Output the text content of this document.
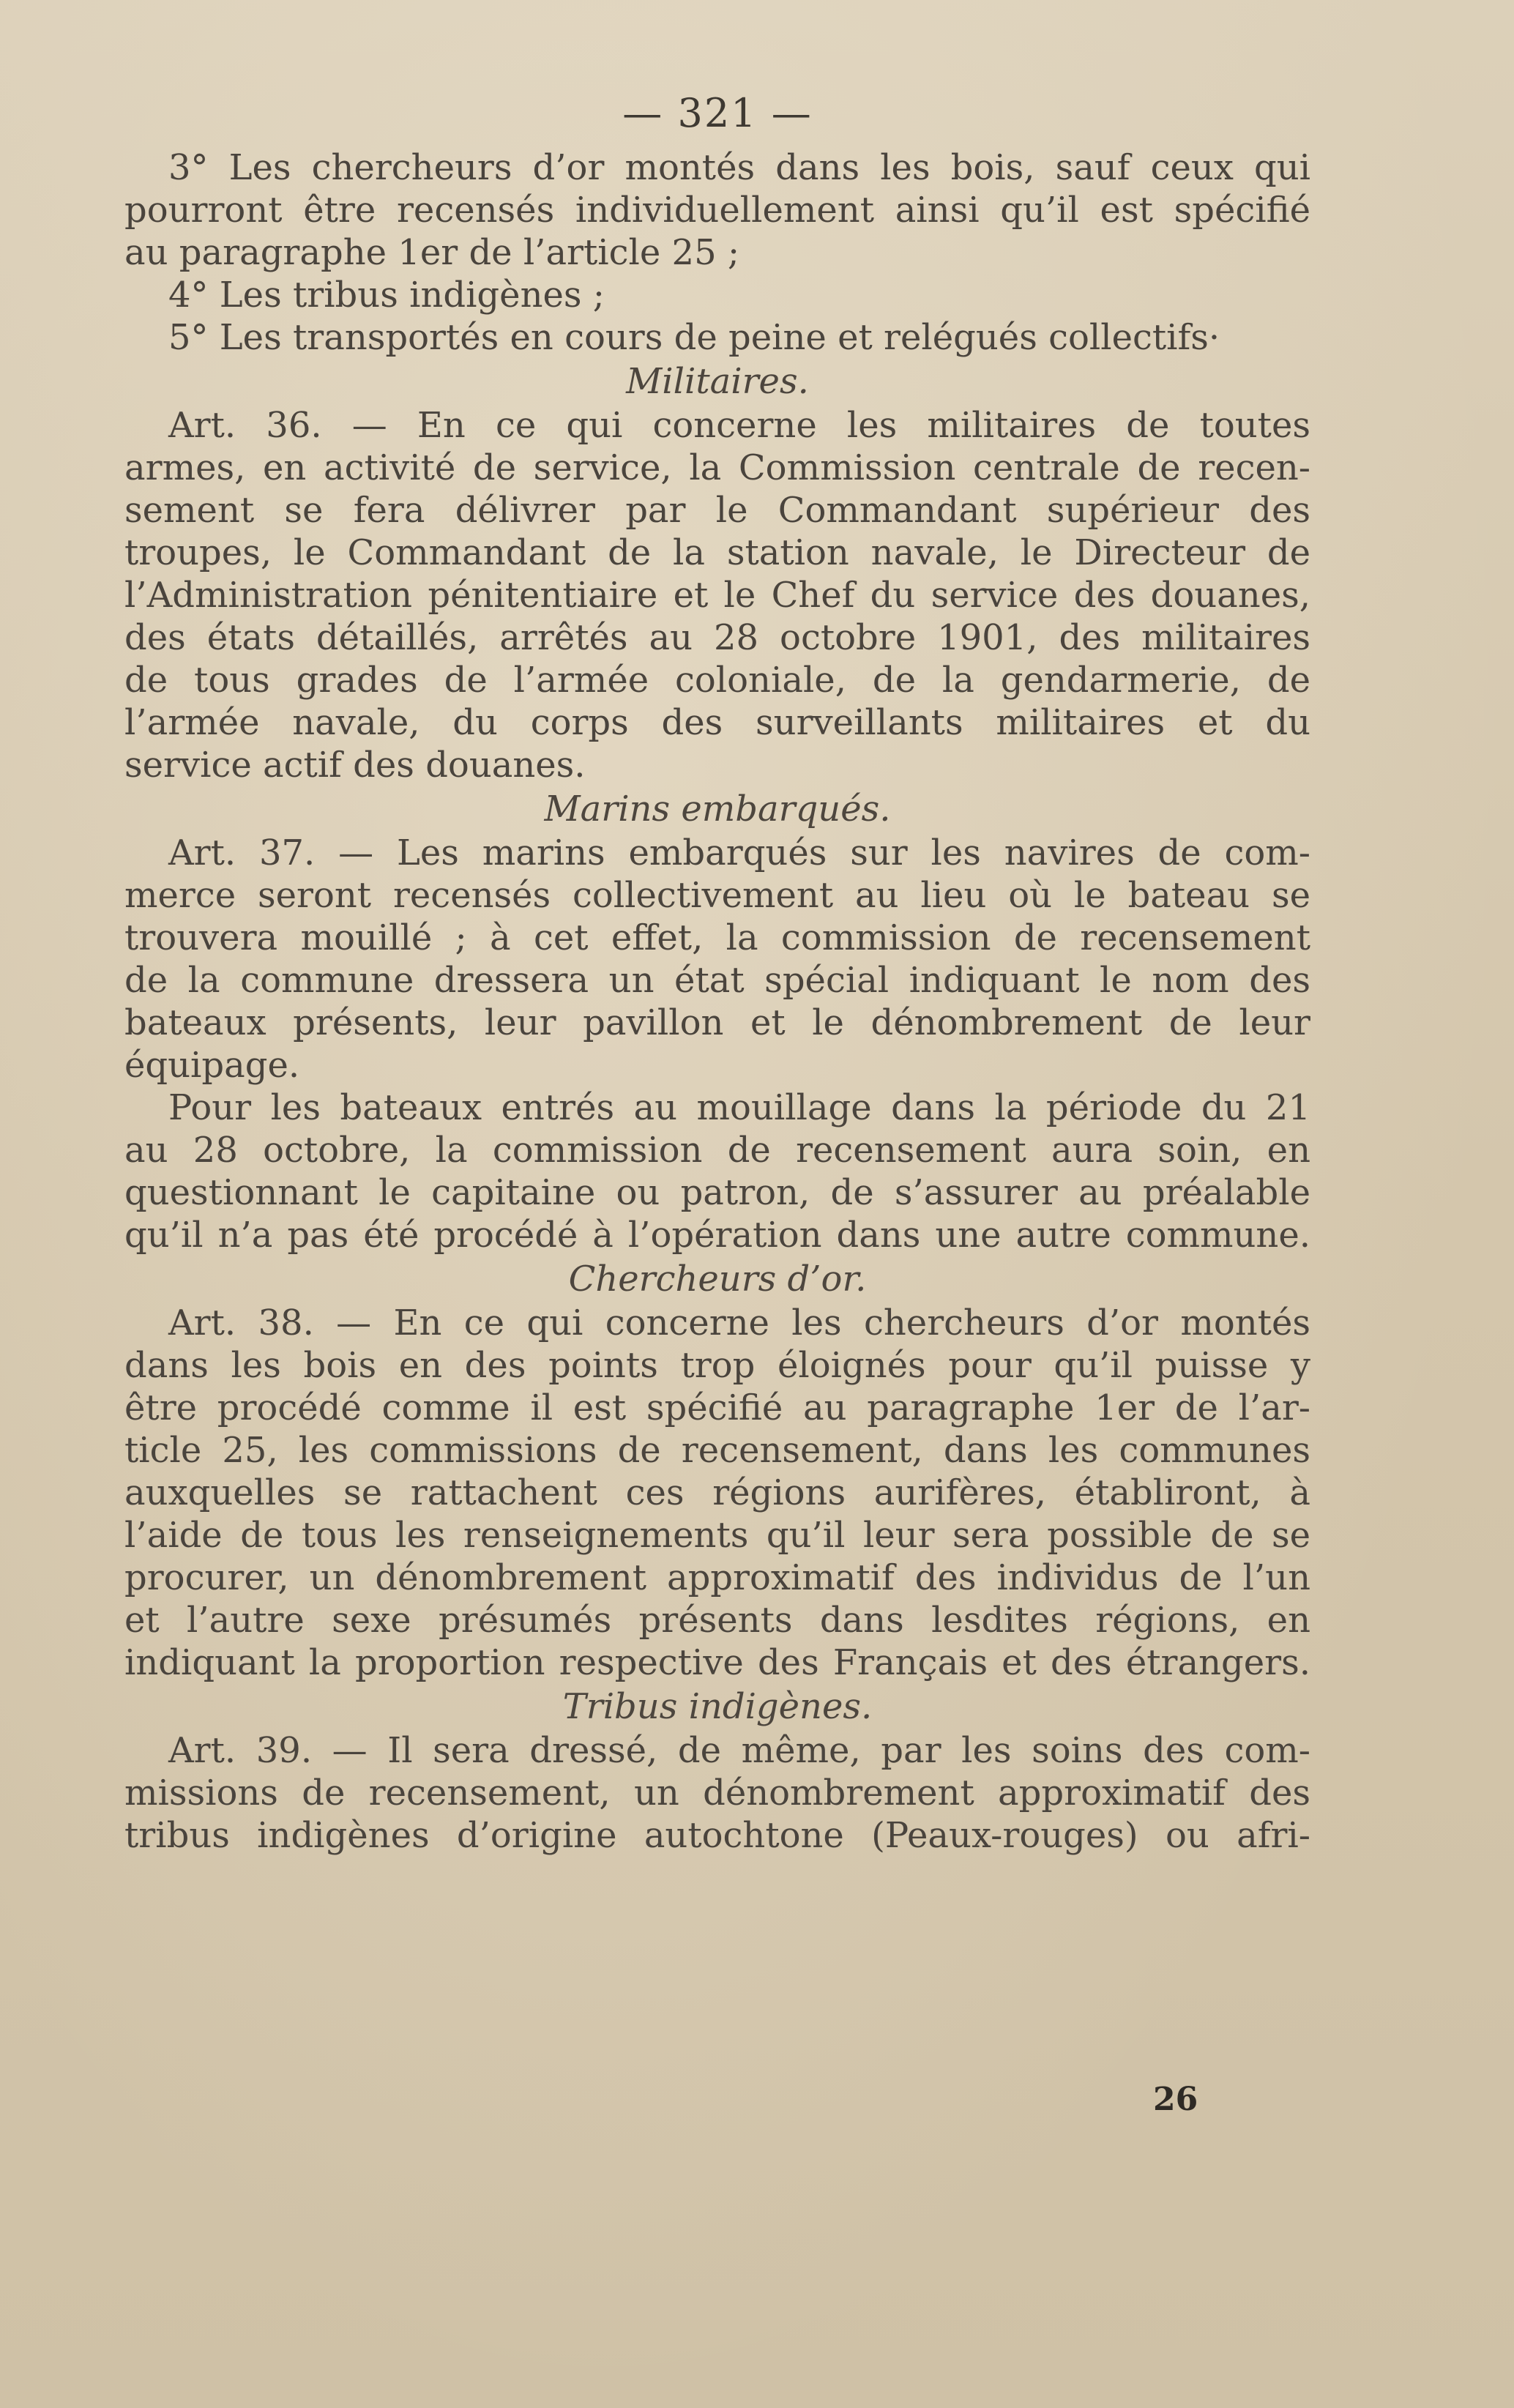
— 321 —
3° Les chercheurs d’or montés dans les bois, sauf ceux qui
pourront être recensés individuellement ainsi qu’il est spécifié
au paragraphe 1er de l’article 25 ;
4° Les tribus indigènes ;
5° Les transportés en cours de peine et relégués collectifs·
Militaires.
Art. 36. — En ce qui concerne les militaires de toutes
armes, en activité de service, la Commission centrale de recen-
sement se fera délivrer par le Commandant supérieur des
troupes, le Commandant de la station navale, le Directeur de
l’Administration pénitentiaire et le Chef du service des douanes,
des états détaillés, arrêtés au 28 octobre 1901, des militaires
de tous grades de l’armée coloniale, de la gendarmerie, de
l’armée navale, du corps des surveillants militaires et du
service actif des douanes.
Marins embarqués.
Art. 37. — Les marins embarqués sur les navires de com-
merce seront recensés collectivement au lieu où le bateau se
trouvera mouillé ; à cet effet, la commission de recensement
de la commune dressera un état spécial indiquant le nom des
bateaux présents, leur pavillon et le dénombrement de leur
équipage.
Pour les bateaux entrés au mouillage dans la période du 21
au 28 octobre, la commission de recensement aura soin, en
questionnant le capitaine ou patron, de s’assurer au préalable
qu’il n’a pas été procédé à l’opération dans une autre commune.
Chercheurs d’or.
Art. 38. — En ce qui concerne les chercheurs d’or montés
dans les bois en des points trop éloignés pour qu’il puisse y
être procédé comme il est spécifié au paragraphe 1er de l’ar-
ticle 25, les commissions de recensement, dans les communes
auxquelles se rattachent ces régions aurifères, établiront, à
l’aide de tous les renseignements qu’il leur sera possible de se
procurer, un dénombrement approximatif des individus de l’un
et l’autre sexe présumés présents dans lesdites régions, en
indiquant la proportion respective des Français et des étrangers.
Tribus indigènes.
Art. 39. — Il sera dressé, de même, par les soins des com-
missions de recensement, un dénombrement approximatif des
tribus indigènes d’origine autochtone (Peaux-rouges) ou afri-
26
